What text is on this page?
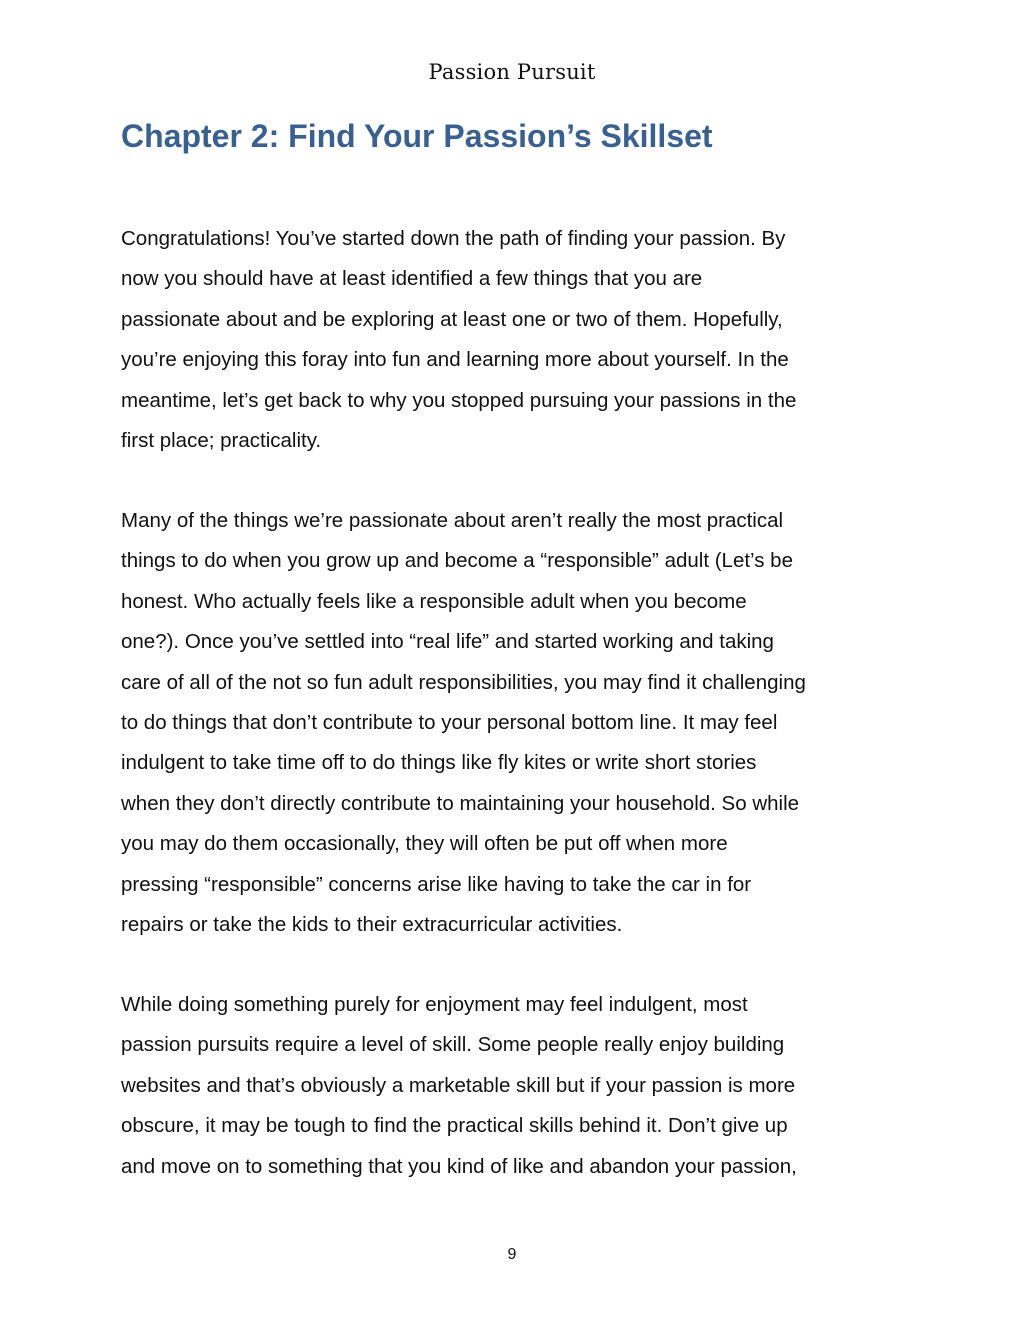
Passion Pursuit
Chapter 2: Find Your Passion’s Skillset

Congratulations! You’ve started down the path of finding your passion. By
now you should have at least identified a few things that you are
passionate about and be exploring at least one or two of them. Hopefully,
you’re enjoying this foray into fun and learning more about yourself. In the
meantime, let’s get back to why you stopped pursuing your passions in the
first place; practicality.

Many of the things we’re passionate about aren’t really the most practical
things to do when you grow up and become a “responsible” adult (Let’s be
honest. Who actually feels like a responsible adult when you become
one?). Once you’ve settled into “real life” and started working and taking
care of all of the not so fun adult responsibilities, you may find it challenging
to do things that don’t contribute to your personal bottom line. It may feel
indulgent to take time off to do things like fly kites or write short stories
when they don’t directly contribute to maintaining your household. So while
you may do them occasionally, they will often be put off when more
pressing “responsible” concerns arise like having to take the car in for
repairs or take the kids to their extracurricular activities.

While doing something purely for enjoyment may feel indulgent, most
passion pursuits require a level of skill. Some people really enjoy building
websites and that’s obviously a marketable skill but if your passion is more
obscure, it may be tough to find the practical skills behind it. Don’t give up
and move on to something that you kind of like and abandon your passion,

9
